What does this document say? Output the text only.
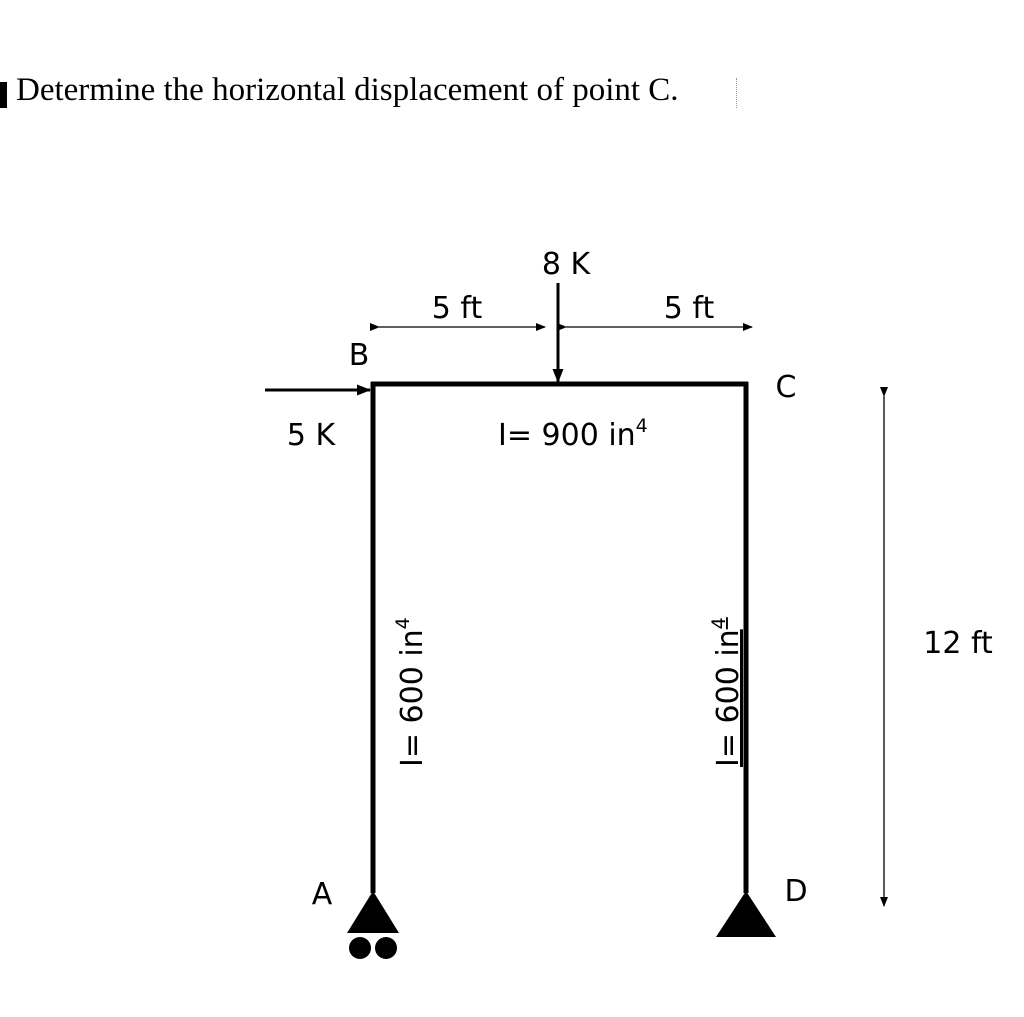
Determine the horizontal displacement of point C.
8 K
5 ft	5 ft
B
C
5 K	I= 900 $in^4$
I= 600 $in^4$
I= 600 $in^4$
12 ft
A	D
